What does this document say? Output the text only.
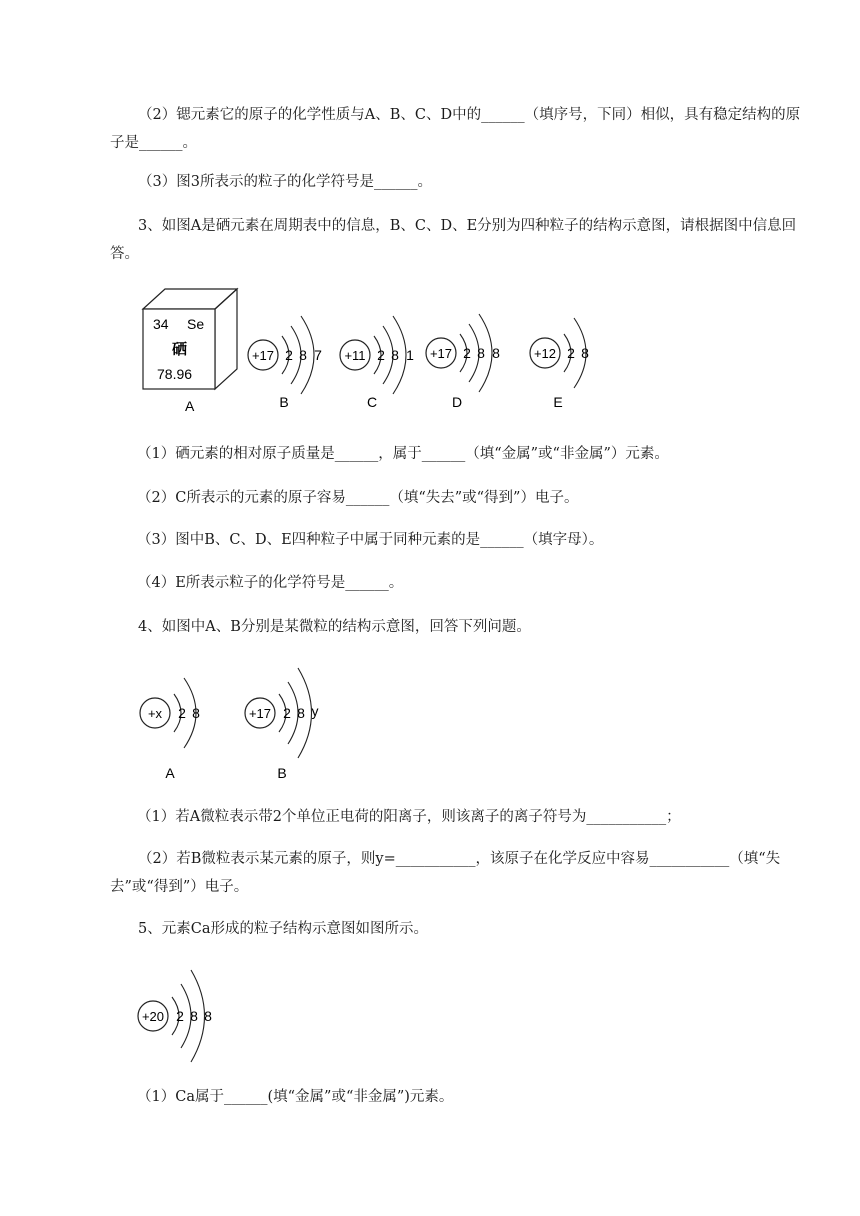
（2）锶元素它的原子的化学性质与A、B、C、D中的______（填序号，下同）相似，具有稳定结构的原子是______。

（3）图3所表示的粒子的化学符号是______。

3、如图A是硒元素在周期表中的信息，B、C、D、E分别为四种粒子的结构示意图，请根据图中信息回答。

34 Se
硒
78.96
A
+17 2 8 7
B
+11 2 8 1
C
+17 2 8 8
D
+12 2 8
E

（1）硒元素的相对原子质量是______，属于______（填“金属”或“非金属”）元素。

（2）C所表示的元素的原子容易______（填“失去”或“得到”）电子。

（3）图中B、C、D、E四种粒子中属于同种元素的是______（填字母）。

（4）E所表示粒子的化学符号是______。

4、如图中A、B分别是某微粒的结构示意图，回答下列问题。

+x 2 8
A
+17 2 8 y
B

（1）若A微粒表示带2个单位正电荷的阳离子，则该离子的离子符号为___________；

（2）若B微粒表示某元素的原子，则y=___________，该原子在化学反应中容易___________（填“失去”或“得到”）电子。

5、元素Ca形成的粒子结构示意图如图所示。

+20 2 8 8

（1）Ca属于______(填“金属”或“非金属”)元素。
